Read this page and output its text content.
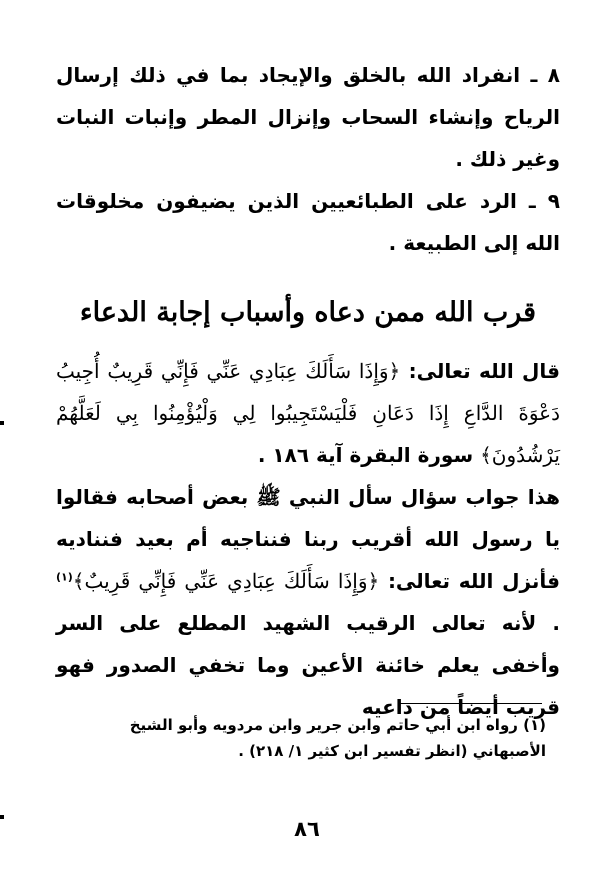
٨ ـ انفراد الله بالخلق والإيجاد بما في ذلك إرسال الرياح وإنشاء السحاب وإنزال المطر وإنبات النبات وغير ذلك .
٩ ـ الرد على الطبائعيين الذين يضيفون مخلوقات الله إلى الطبيعة .
قرب الله ممن دعاه وأسباب إجابة الدعاء
قال الله تعالى: ﴿وَإِذَا سَأَلَكَ عِبَادِي عَنِّي فَإِنِّي قَرِيبٌ أُجِيبُ دَعْوَةَ الدَّاعِ إِذَا دَعَانِ فَلْيَسْتَجِيبُوا لِي وَلْيُؤْمِنُوا بِي لَعَلَّهُمْ يَرْشُدُونَ﴾ سورة البقرة آية ١٨٦ .
هذا جواب سؤال سأل النبي ﷺ بعض أصحابه فقالوا يا رسول الله أقريب ربنا فنناجيه أم بعيد فنناديه فأنزل الله تعالى: ﴿وَإِذَا سَأَلَكَ عِبَادِي عَنِّي فَإِنِّي قَرِيبٌ﴾$^{(١)}$ . لأنه تعالى الرقيب الشهيد المطلع على السر وأخفى يعلم خائنة الأعين وما تخفي الصدور فهو قريب أيضاً من داعيه
(١) رواه ابن أبي حاتم وابن جرير وابن مردويه وأبو الشيخ الأصبهاني (انظر تفسير ابن كثير ١/ ٢١٨) .
٨٦
